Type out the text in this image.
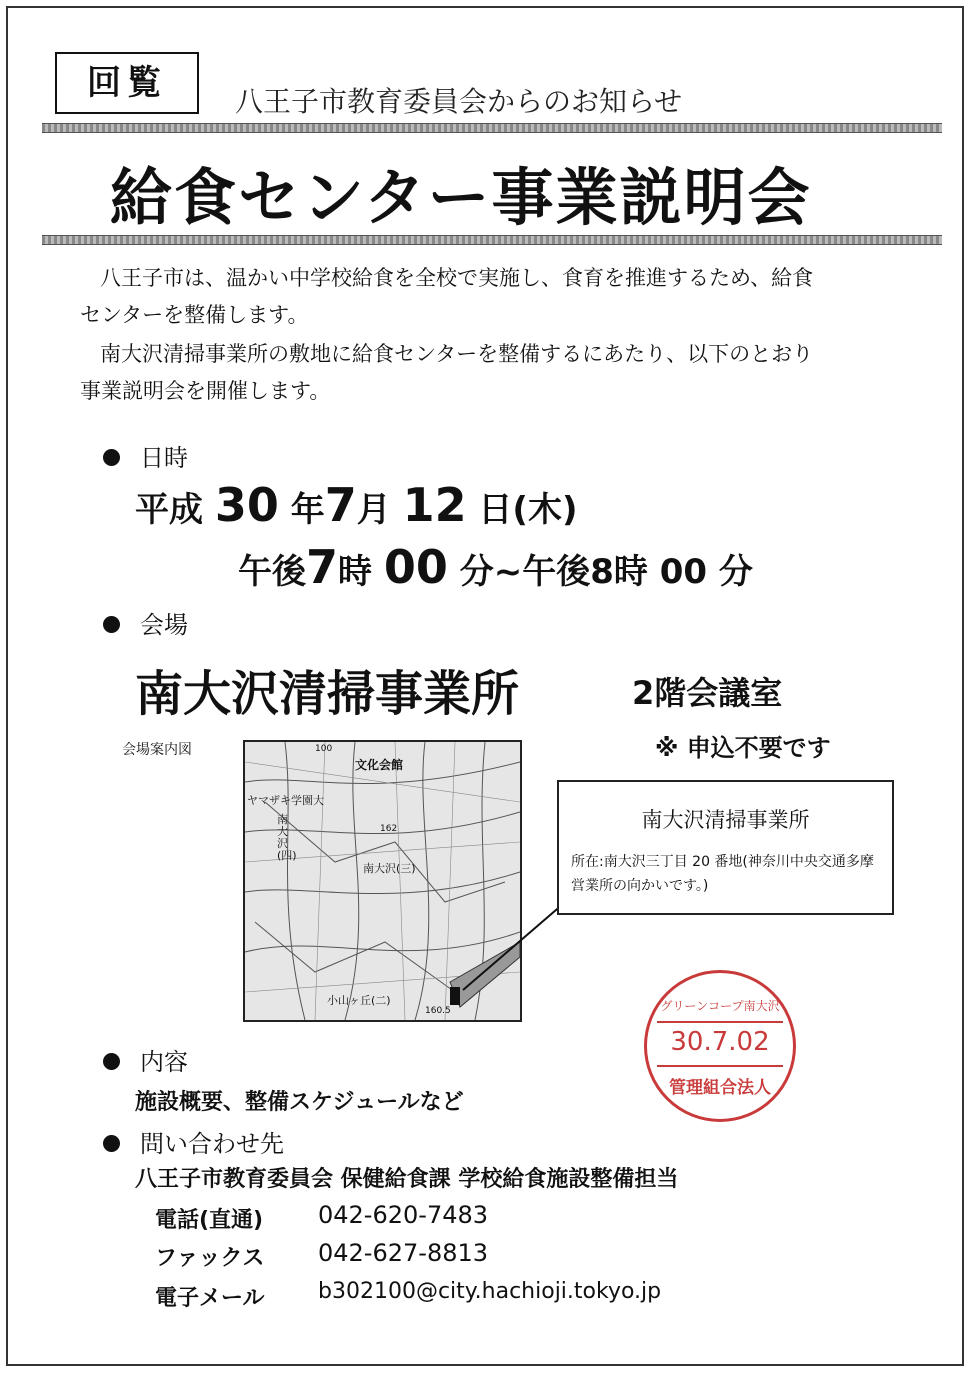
回覧	八王子市教育委員会からのお知らせ
給食センター事業説明会
八王子市は、温かい中学校給食を全校で実施し、食育を推進するため、給食
センターを整備します。
南大沢清掃事業所の敷地に給食センターを整備するにあたり、以下のとおり
事業説明会を開催します。
日時
平成 30 年7月 12 日(木)
午後7時 00 分~午後8時 00 分
会場
南大沢清掃事業所	2階会議室
会場案内図	※ 申込不要です
文化会館
ヤマザキ学園大
南大沢(四)
南大沢(三)
小山ヶ丘(二)
162
160.5
100
南大沢清掃事業所
所在:南大沢三丁目 20 番地(神奈川中央交通多摩営業所の向かいです。)
グリーンコープ南大沢
30.7.02
管理組合法人
内容
施設概要、整備スケジュールなど
問い合わせ先
八王子市教育委員会 保健給食課 学校給食施設整備担当
電話(直通) 042-620-7483
ファックス 042-627-8813
電子メール b302100@city.hachioji.tokyo.jp
